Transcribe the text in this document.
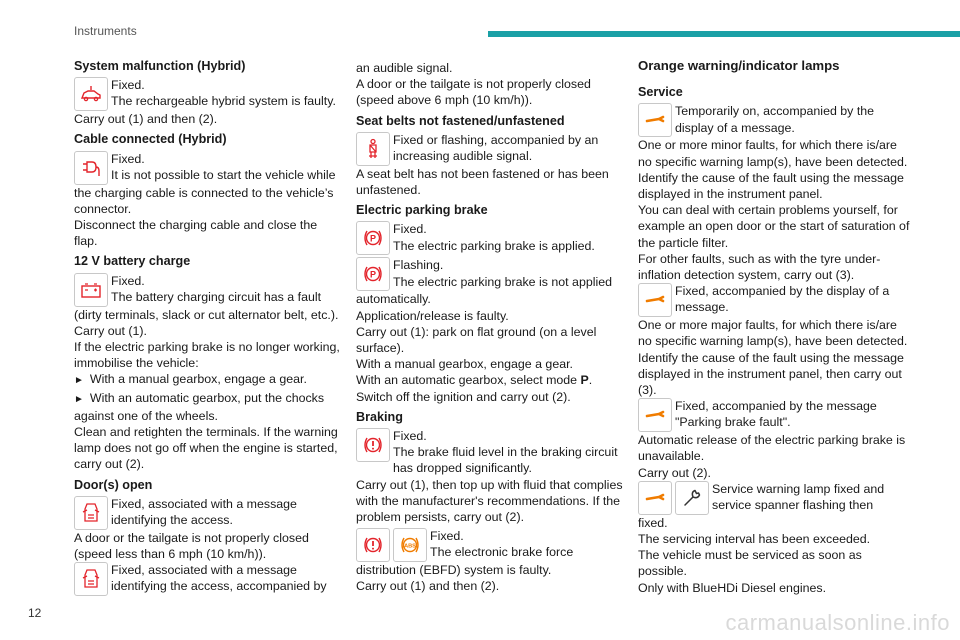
Instruments
System malfunction (Hybrid)
Fixed.
The rechargeable hybrid system is faulty.
Carry out (1) and then (2).
Cable connected (Hybrid)
Fixed.
It is not possible to start the vehicle while
the charging cable is connected to the vehicle’s connector.
Disconnect the charging cable and close the flap.
12 V battery charge
Fixed.
The battery charging circuit has a fault
(dirty terminals, slack or cut alternator belt, etc.).
Carry out (1).
If the electric parking brake is no longer working, immobilise the vehicle:
► With a manual gearbox, engage a gear.
► With an automatic gearbox, put the chocks against one of the wheels.
Clean and retighten the terminals. If the warning lamp does not go off when the engine is started, carry out (2).
Door(s) open
Fixed, associated with a message
identifying the access.
A door or the tailgate is not properly closed (speed less than 6 mph (10 km/h)).
Fixed, associated with a message identifying the access, accompanied by
an audible signal.
A door or the tailgate is not properly closed (speed above 6 mph (10 km/h)).
Seat belts not fastened/unfastened
Fixed or flashing, accompanied by an increasing audible signal.
A seat belt has not been fastened or has been unfastened.
Electric parking brake
P
Fixed.
The electric parking brake is applied.
P
Flashing.
The electric parking brake is not applied
automatically.
Application/release is faulty.
Carry out (1): park on flat ground (on a level surface).
With a manual gearbox, engage a gear.
With an automatic gearbox, select mode P.
Switch off the ignition and carry out (2).
Braking
Fixed.
The brake fluid level in the braking circuit has dropped significantly.
Carry out (1), then top up with fluid that complies with the manufacturer's recommendations. If the problem persists, carry out (2).
ABS
Fixed.
The electronic brake force
distribution (EBFD) system is faulty.
Carry out (1) and then (2).
Orange warning/indicator lamps
Service
Temporarily on, accompanied by the display of a message.
One or more minor faults, for which there is/are no specific warning lamp(s), have been detected.
Identify the cause of the fault using the message displayed in the instrument panel.
You can deal with certain problems yourself, for example an open door or the start of saturation of the particle filter.
For other faults, such as with the tyre under-inflation detection system, carry out (3).
Fixed, accompanied by the display of a message.
One or more major faults, for which there is/are no specific warning lamp(s), have been detected.
Identify the cause of the fault using the message displayed in the instrument panel, then carry out (3).
Fixed, accompanied by the message "Parking brake fault".
Automatic release of the electric parking brake is unavailable.
Carry out (2).
Service warning lamp fixed and service spanner flashing then
fixed.
The servicing interval has been exceeded.
The vehicle must be serviced as soon as possible.
Only with BlueHDi Diesel engines.
12	carmanualsonline.info
